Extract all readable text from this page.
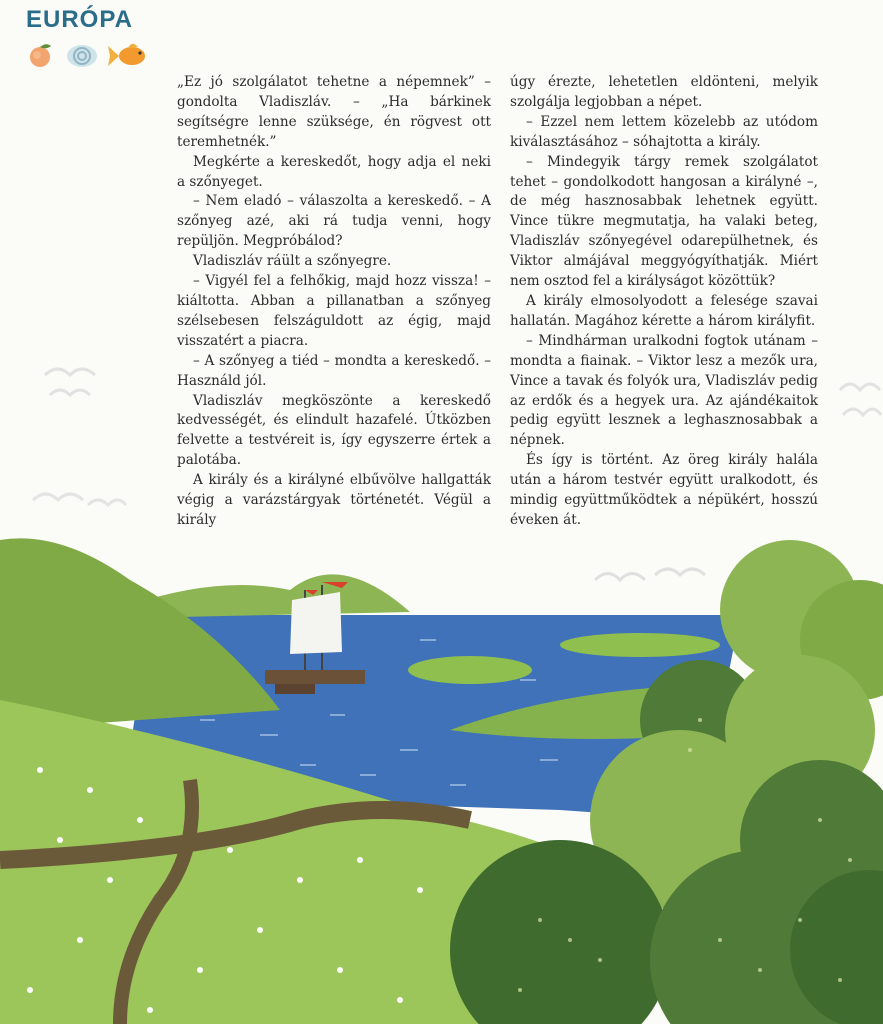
EURÓPA

„Ez jó szolgálatot tehetne a népemnek” – gondolta Vladiszláv. – „Ha bárkinek segítségre lenne szüksége, én rögvest ott teremhetnék.”

Megkérte a kereskedőt, hogy adja el neki a szőnyeget.

– Nem eladó – válaszolta a kereskedő. – A szőnyeg azé, aki rá tudja venni, hogy repüljön. Megpróbálod?

Vladiszláv ráült a szőnyegre.

– Vigyél fel a felhőkig, majd hozz vissza! – kiáltotta. Abban a pillanatban a szőnyeg szélsebesen felszáguldott az égig, majd visszatért a piacra.

– A szőnyeg a tiéd – mondta a kereskedő. – Használd jól.

Vladiszláv megköszönte a kereskedő kedvességét, és elindult hazafelé. Útközben felvette a testvéreit is, így egyszerre értek a palotába.

A király és a királyné elbűvölve hallgatták végig a varázstárgyak történetét. Végül a király

úgy érezte, lehetetlen eldönteni, melyik szolgálja legjobban a népet.

– Ezzel nem lettem közelebb az utódom kiválasztásához – sóhajtotta a király.

– Mindegyik tárgy remek szolgálatot tehet – gondolkodott hangosan a királyné –, de még hasznosabbak lehetnek együtt. Vince tükre megmutatja, ha valaki beteg, Vladiszláv szőnyegével odarepülhetnek, és Viktor almájával meggyógyíthatják. Miért nem osztod fel a királyságot közöttük?

A király elmosolyodott a felesége szavai hallatán. Magához kérette a három királyfit.

– Mindhárman uralkodni fogtok utánam – mondta a fiainak. – Viktor lesz a mezők ura, Vince a tavak és folyók ura, Vladiszláv pedig az erdők és a hegyek ura. Az ajándékaitok pedig együtt lesznek a leghasznosabbak a népnek.

És így is történt. Az öreg király halála után a három testvér együtt uralkodott, és mindig együttműködtek a népükért, hosszú éveken át.
